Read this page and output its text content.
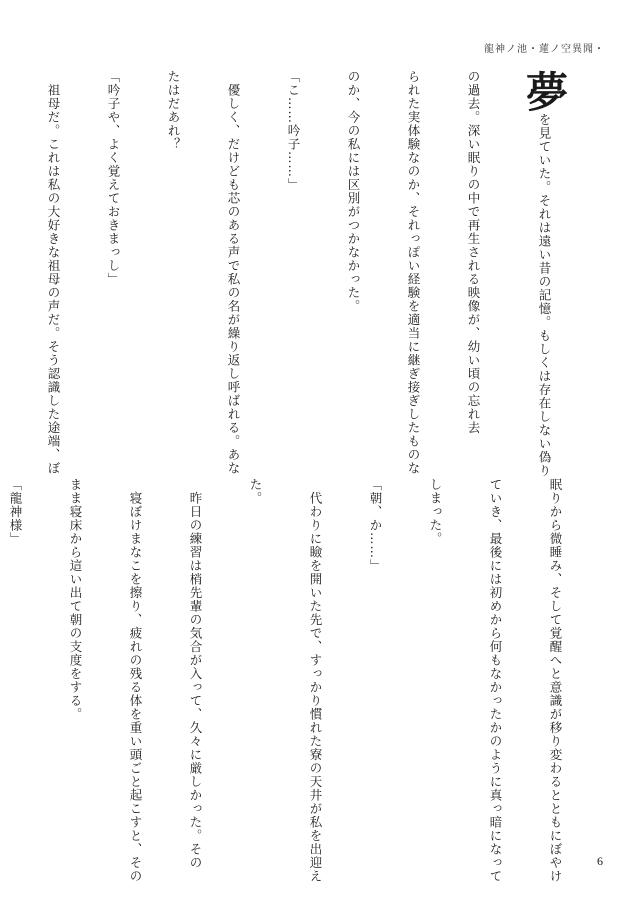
龍神ノ池・蓮ノ空異聞・

夢を見ていた。それは遠い昔の記憶。もしくは存在しない偽り

の過去。深い眠りの中で再生される映像が、幼い頃の忘れ去

られた実体験なのか、それっぽい経験を適当に継ぎ接ぎしたものな

のか、今の私には区別がつかなかった。

「こ……吟子……」

　優しく、だけども芯のある声で私の名が繰り返し呼ばれる。あな

たはだあれ？

「吟子や、よく覚えておきまっし」

　祖母だ。これは私の大好きな祖母の声だ。そう認識した途端、ぼ

眠りから微睡み、そして覚醒へと意識が移り変わるとともにぼやけ

ていき、最後には初めから何もなかったかのように真っ暗になって

しまった。

「朝、か……」

　代わりに瞼を開いた先で、すっかり慣れた寮の天井が私を出迎え

た。

　昨日の練習は梢先輩の気合が入って、久々に厳しかった。その

　寝ぼけまなこを擦り、疲れの残る体を重い頭ごと起こすと、その

まま寝床から這い出て朝の支度をする。

「龍神様」

6
